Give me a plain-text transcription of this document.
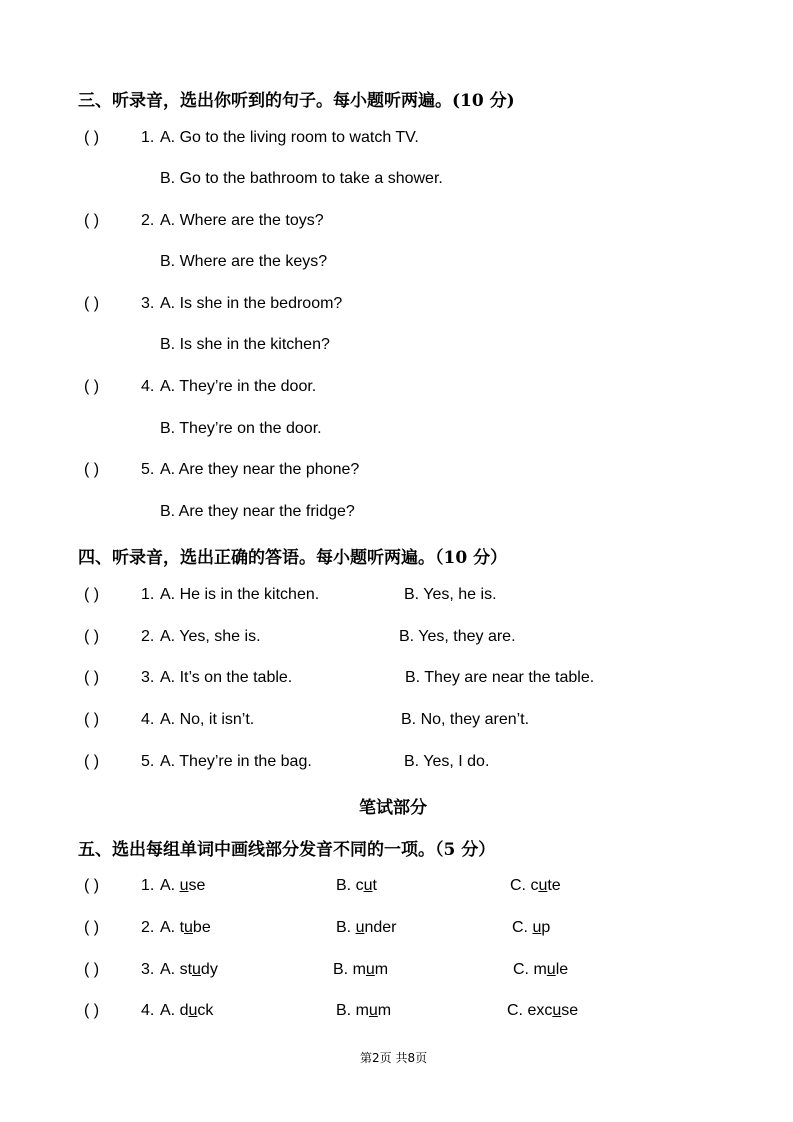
三、听录音，选出你听到的句子。每小题听两遍。(10 分)
( )	1. A. Go to the living room to watch TV.
B. Go to the bathroom to take a shower.
( )	2. A. Where are the toys?
B. Where are the keys?
( )	3. A. Is she in the bedroom?
B. Is she in the kitchen?
( )	4. A. They’re in the door.
B. They’re on the door.
( )	5. A. Are they near the phone?
B. Are they near the fridge?
四、听录音，选出正确的答语。每小题听两遍。（10 分）
( )	1. A. He is in the kitchen.	B. Yes, he is.
( )	2. A. Yes, she is.	B. Yes, they are.
( )	3. A. It’s on the table.	B. They are near the table.
( )	4. A. No, it isn’t.	B. No, they aren’t.
( )	5. A. They’re in the bag.	B. Yes, I do.
笔试部分
五、选出每组单词中画线部分发音不同的一项。（5 分）
( )	1. A. use	B. cut	C. cute
( )	2. A. tube	B. under	C. up
( )	3. A. study	B. mum	C. mule
( )	4. A. duck	B. mum	C. excuse
第2页 共8页
